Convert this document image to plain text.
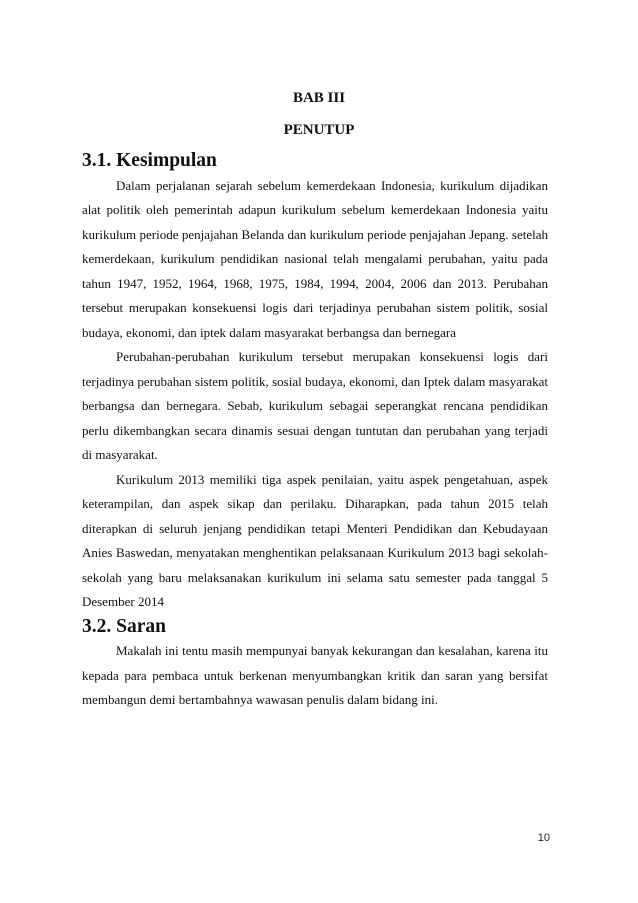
BAB III
PENUTUP
3.1. Kesimpulan

Dalam perjalanan sejarah sebelum kemerdekaan Indonesia, kurikulum dijadikan alat politik oleh pemerintah adapun kurikulum sebelum kemerdekaan Indonesia yaitu kurikulum periode penjajahan Belanda dan kurikulum periode penjajahan Jepang. setelah kemerdekaan, kurikulum pendidikan nasional telah mengalami perubahan, yaitu pada tahun 1947, 1952, 1964, 1968, 1975, 1984, 1994, 2004, 2006 dan 2013. Perubahan tersebut merupakan konsekuensi logis dari terjadinya perubahan sistem politik, sosial budaya, ekonomi, dan iptek dalam masyarakat berbangsa dan bernegara

Perubahan-perubahan kurikulum tersebut merupakan konsekuensi logis dari terjadinya perubahan sistem politik, sosial budaya, ekonomi, dan Iptek dalam masyarakat berbangsa dan bernegara. Sebab, kurikulum sebagai seperangkat rencana pendidikan perlu dikembangkan secara dinamis sesuai dengan tuntutan dan perubahan yang terjadi di masyarakat.

Kurikulum 2013 memiliki tiga aspek penilaian, yaitu aspek pengetahuan, aspek keterampilan, dan aspek sikap dan perilaku. Diharapkan, pada tahun 2015 telah diterapkan di seluruh jenjang pendidikan tetapi Menteri Pendidikan dan Kebudayaan Anies Baswedan, menyatakan menghentikan pelaksanaan Kurikulum 2013 bagi sekolah-sekolah yang baru melaksanakan kurikulum ini selama satu semester pada tanggal 5 Desember 2014

3.2. Saran

Makalah ini tentu masih mempunyai banyak kekurangan dan kesalahan, karena itu kepada para pembaca untuk berkenan menyumbangkan kritik dan saran yang bersifat membangun demi bertambahnya wawasan penulis dalam bidang ini.

10
